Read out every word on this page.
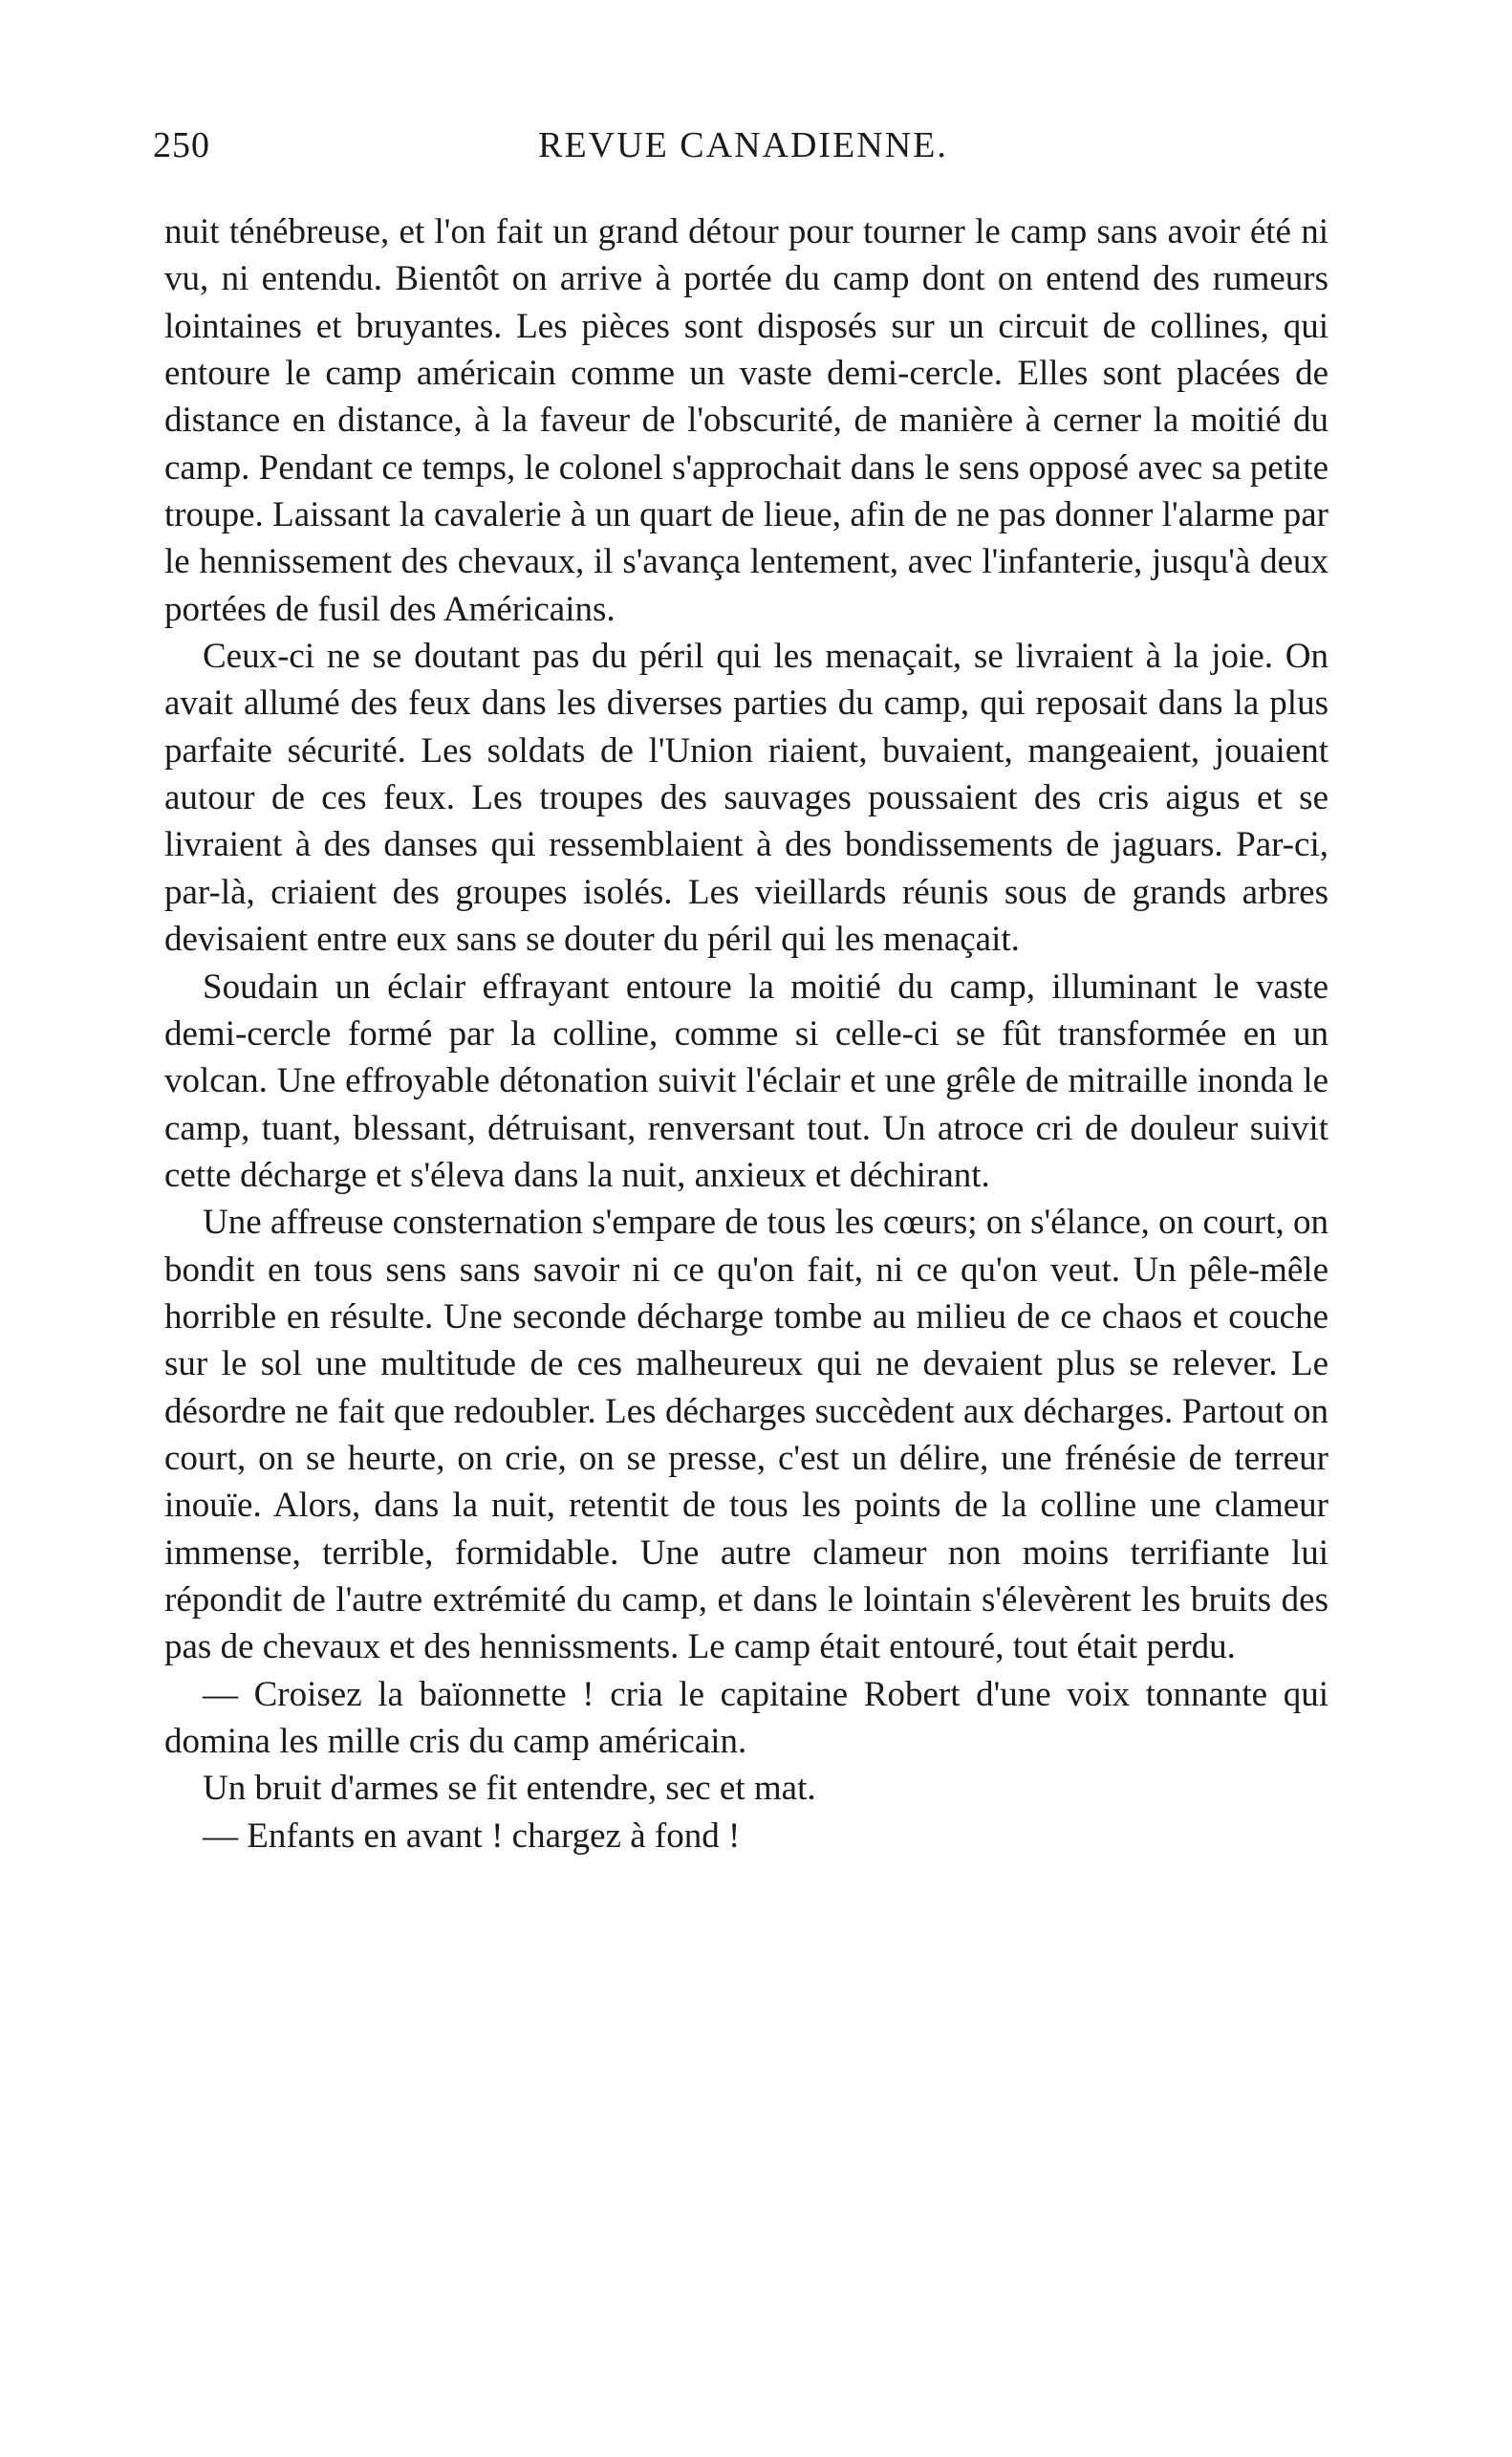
250	REVUE CANADIENNE.

nuit ténébreuse, et l'on fait un grand détour pour tourner le camp sans avoir été ni vu, ni entendu. Bientôt on arrive à portée du camp dont on entend des rumeurs lointaines et bruyantes. Les pièces sont disposés sur un circuit de collines, qui entoure le camp américain comme un vaste demi-cercle. Elles sont placées de distance en distance, à la faveur de l'obscurité, de manière à cerner la moitié du camp. Pendant ce temps, le colonel s'approchait dans le sens opposé avec sa petite troupe. Laissant la cavalerie à un quart de lieue, afin de ne pas donner l'alarme par le hennissement des chevaux, il s'avança lentement, avec l'infanterie, jusqu'à deux portées de fusil des Américains.

Ceux-ci ne se doutant pas du péril qui les menaçait, se livraient à la joie. On avait allumé des feux dans les diverses parties du camp, qui reposait dans la plus parfaite sécurité. Les soldats de l'Union riaient, buvaient, mangeaient, jouaient autour de ces feux. Les troupes des sauvages poussaient des cris aigus et se livraient à des danses qui ressemblaient à des bondissements de jaguars. Par-ci, par-là, criaient des groupes isolés. Les vieillards réunis sous de grands arbres devisaient entre eux sans se douter du péril qui les menaçait.

Soudain un éclair effrayant entoure la moitié du camp, illuminant le vaste demi-cercle formé par la colline, comme si celle-ci se fût transformée en un volcan. Une effroyable détonation suivit l'éclair et une grêle de mitraille inonda le camp, tuant, blessant, détruisant, renversant tout. Un atroce cri de douleur suivit cette décharge et s'éleva dans la nuit, anxieux et déchirant.

Une affreuse consternation s'empare de tous les cœurs; on s'élance, on court, on bondit en tous sens sans savoir ni ce qu'on fait, ni ce qu'on veut. Un pêle-mêle horrible en résulte. Une seconde décharge tombe au milieu de ce chaos et couche sur le sol une multitude de ces malheureux qui ne devaient plus se relever. Le désordre ne fait que redoubler. Les décharges succèdent aux décharges. Partout on court, on se heurte, on crie, on se presse, c'est un délire, une frénésie de terreur inouïe. Alors, dans la nuit, retentit de tous les points de la colline une clameur immense, terrible, formidable. Une autre clameur non moins terrifiante lui répondit de l'autre extrémité du camp, et dans le lointain s'élevèrent les bruits des pas de chevaux et des hennissments. Le camp était entouré, tout était perdu.

— Croisez la baïonnette ! cria le capitaine Robert d'une voix tonnante qui domina les mille cris du camp américain.

Un bruit d'armes se fit entendre, sec et mat.

— Enfants en avant ! chargez à fond !
